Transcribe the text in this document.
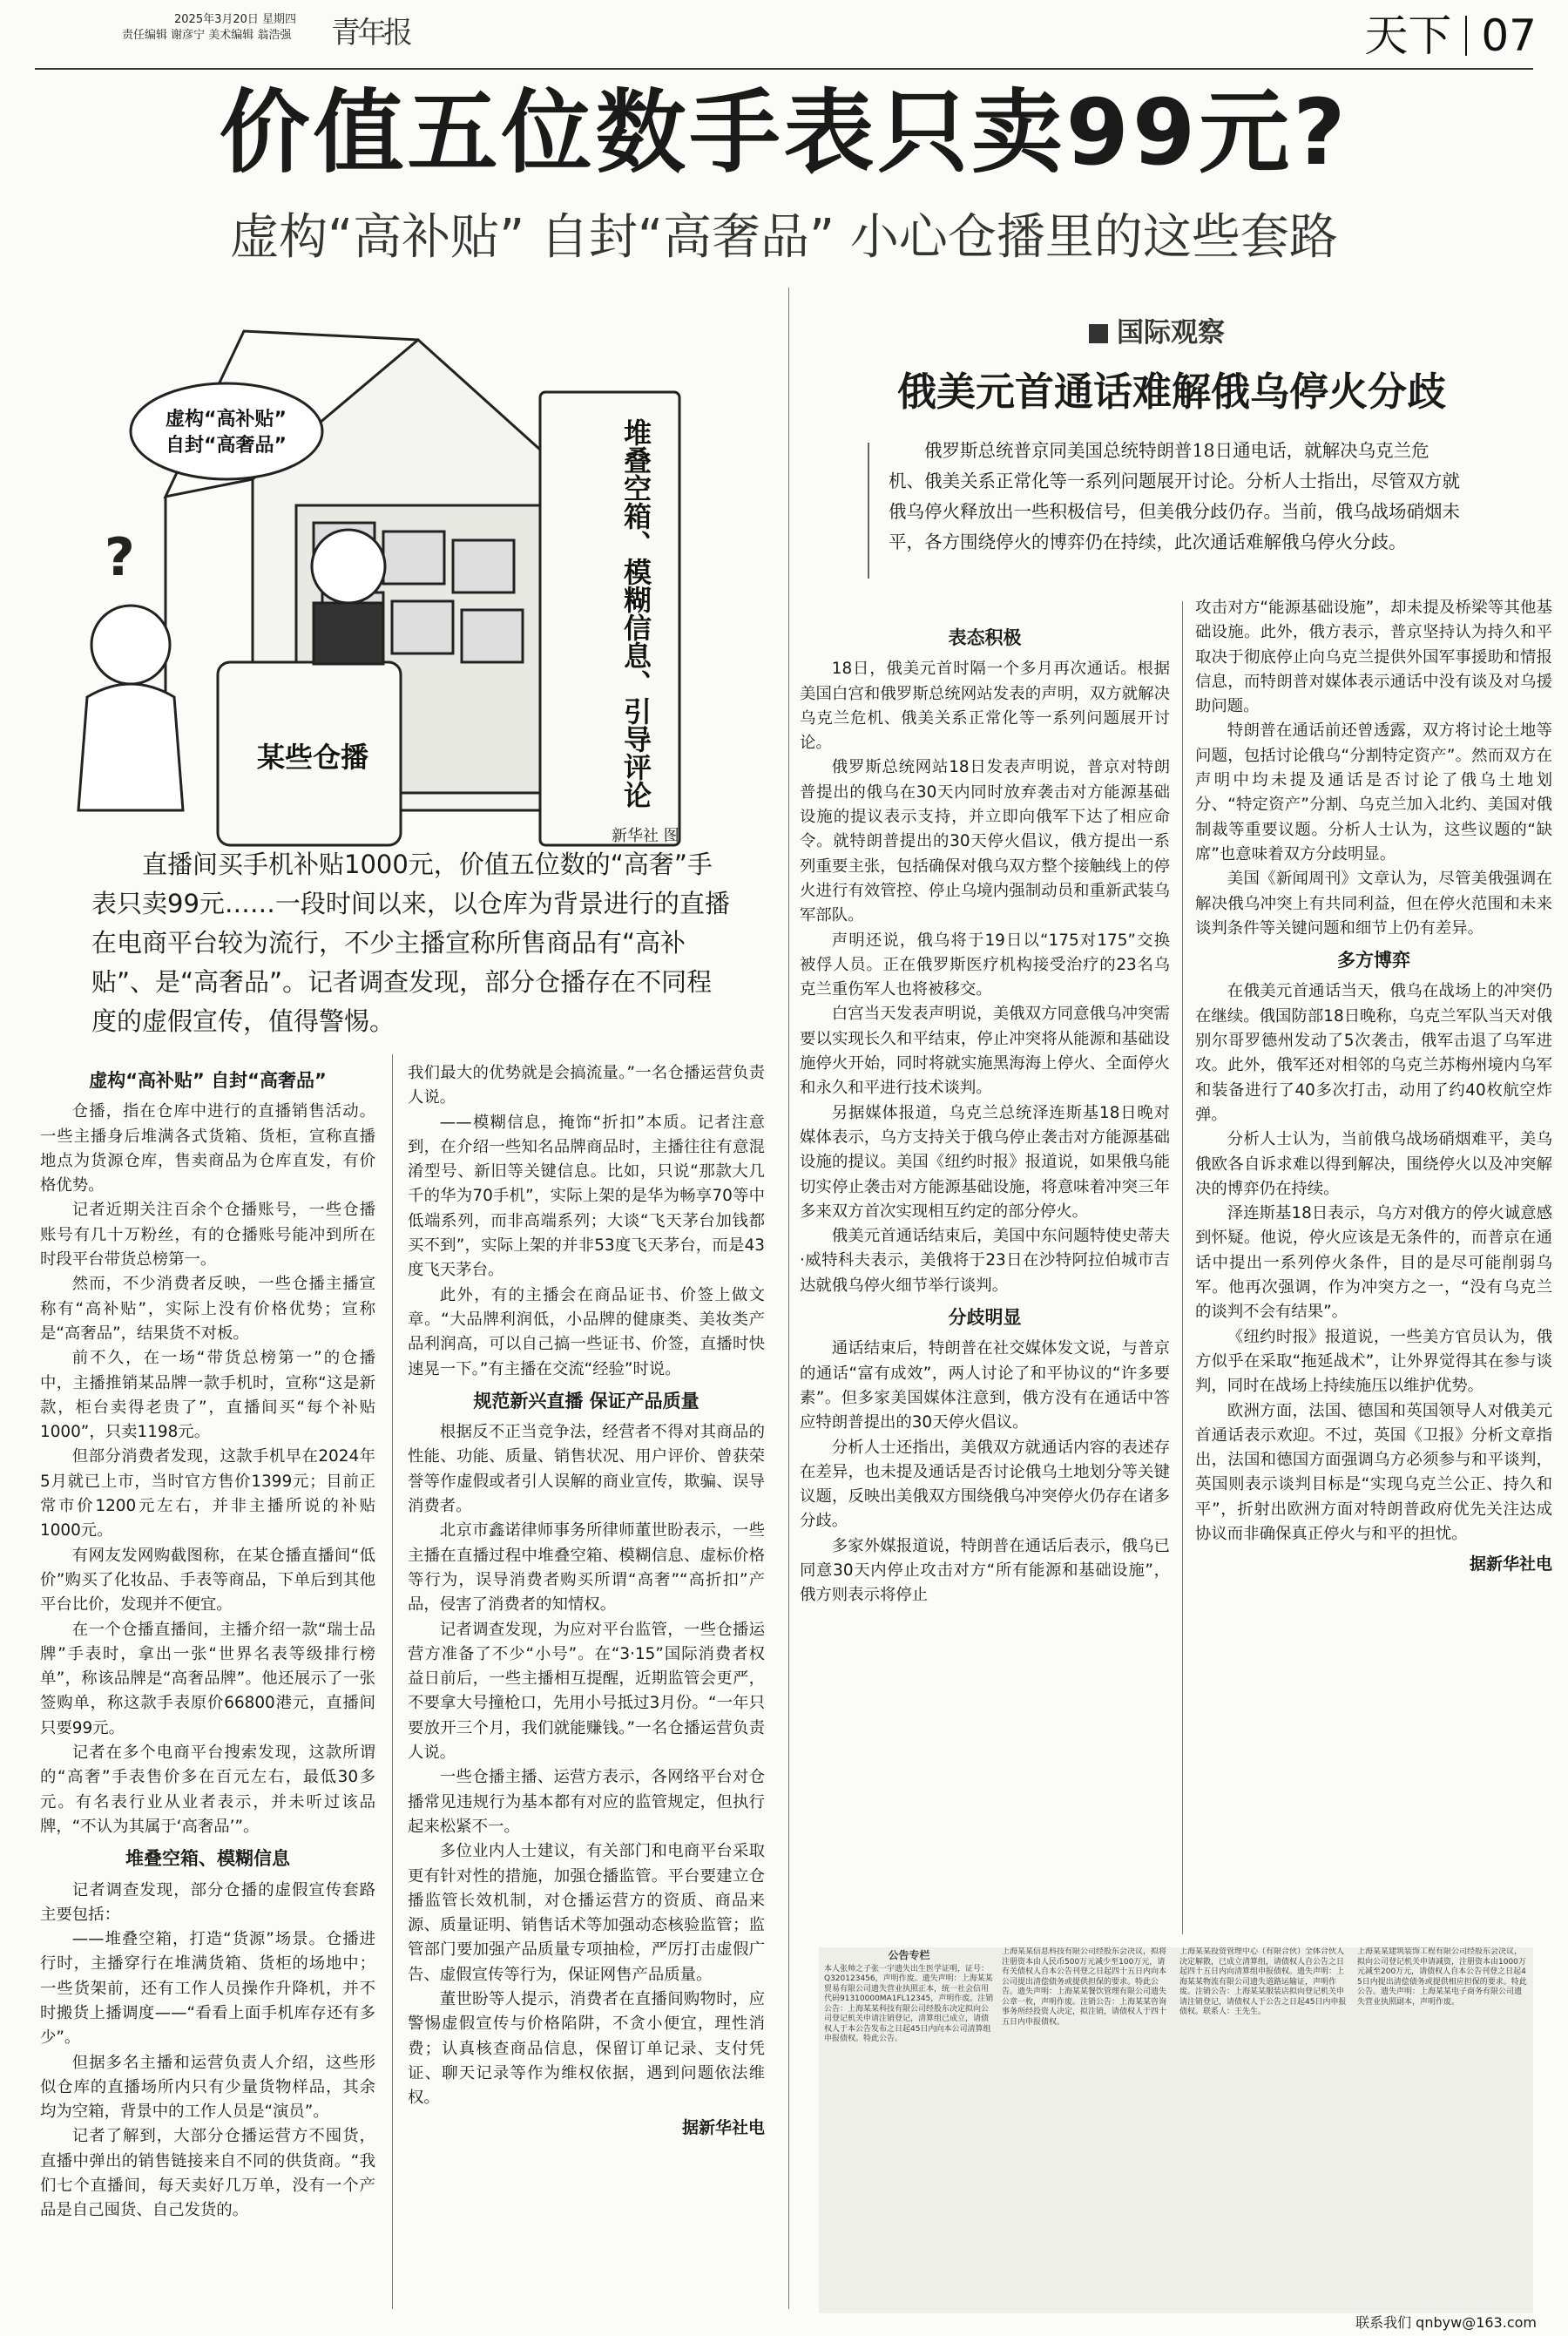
2025年3月20日 星期四
责任编辑 谢彦宁 美术编辑 翁浩强	青年报	天下 07
价值五位数手表只卖99元?
虚构“高补贴” 自封“高奢品” 小心仓播里的这些套路
?
虚构“高补贴”
自封“高奢品”
某些仓播	堆叠空箱、模糊信息、引导评论
新华社 图
直播间买手机补贴1000元，价值五位数的“高奢”手表只卖99元……一段时间以来，以仓库为背景进行的直播在电商平台较为流行，不少主播宣称所售商品有“高补贴”、是“高奢品”。记者调查发现，部分仓播存在不同程度的虚假宣传，值得警惕。
虚构“高补贴” 自封“高奢品”

仓播，指在仓库中进行的直播销售活动。一些主播身后堆满各式货箱、货柜，宣称直播地点为货源仓库，售卖商品为仓库直发，有价格优势。

记者近期关注百余个仓播账号，一些仓播账号有几十万粉丝，有的仓播账号能冲到所在时段平台带货总榜第一。

然而，不少消费者反映，一些仓播主播宣称有“高补贴”，实际上没有价格优势；宣称是“高奢品”，结果货不对板。

前不久，在一场“带货总榜第一”的仓播中，主播推销某品牌一款手机时，宣称“这是新款，柜台卖得老贵了”，直播间买“每个补贴1000”，只卖1198元。

但部分消费者发现，这款手机早在2024年5月就已上市，当时官方售价1399元；目前正常市价1200元左右，并非主播所说的补贴1000元。

有网友发网购截图称，在某仓播直播间“低价”购买了化妆品、手表等商品，下单后到其他平台比价，发现并不便宜。

在一个仓播直播间，主播介绍一款“瑞士品牌”手表时，拿出一张“世界名表等级排行榜单”，称该品牌是“高奢品牌”。他还展示了一张签购单，称这款手表原价66800港元，直播间只要99元。

记者在多个电商平台搜索发现，这款所谓的“高奢”手表售价多在百元左右，最低30多元。有名表行业从业者表示，并未听过该品牌，“不认为其属于‘高奢品’”。

堆叠空箱、模糊信息

记者调查发现，部分仓播的虚假宣传套路主要包括：

——堆叠空箱，打造“货源”场景。仓播进行时，主播穿行在堆满货箱、货柜的场地中；一些货架前，还有工作人员操作升降机，并不时搬货上播调度——“看看上面手机库存还有多少”。

但据多名主播和运营负责人介绍，这些形似仓库的直播场所内只有少量货物样品，其余均为空箱，背景中的工作人员是“演员”。

记者了解到，大部分仓播运营方不囤货，直播中弹出的销售链接来自不同的供货商。“我们七个直播间，每天卖好几万单，没有一个产品是自己囤货、自己发货的。

我们最大的优势就是会搞流量。”一名仓播运营负责人说。

——模糊信息，掩饰“折扣”本质。记者注意到，在介绍一些知名品牌商品时，主播往往有意混淆型号、新旧等关键信息。比如，只说“那款大几千的华为70手机”，实际上架的是华为畅享70等中低端系列，而非高端系列；大谈“飞天茅台加钱都买不到”，实际上架的并非53度飞天茅台，而是43度飞天茅台。

此外，有的主播会在商品证书、价签上做文章。“大品牌利润低，小品牌的健康类、美妆类产品利润高，可以自己搞一些证书、价签，直播时快速晃一下。”有主播在交流“经验”时说。

规范新兴直播 保证产品质量

根据反不正当竞争法，经营者不得对其商品的性能、功能、质量、销售状况、用户评价、曾获荣誉等作虚假或者引人误解的商业宣传，欺骗、误导消费者。

北京市鑫诺律师事务所律师董世盼表示，一些主播在直播过程中堆叠空箱、模糊信息、虚标价格等行为，误导消费者购买所谓“高奢”“高折扣”产品，侵害了消费者的知情权。

记者调查发现，为应对平台监管，一些仓播运营方准备了不少“小号”。在“3·15”国际消费者权益日前后，一些主播相互提醒，近期监管会更严，不要拿大号撞枪口，先用小号抵过3月份。“一年只要放开三个月，我们就能赚钱。”一名仓播运营负责人说。

一些仓播主播、运营方表示，各网络平台对仓播常见违规行为基本都有对应的监管规定，但执行起来松紧不一。

多位业内人士建议，有关部门和电商平台采取更有针对性的措施，加强仓播监管。平台要建立仓播监管长效机制，对仓播运营方的资质、商品来源、质量证明、销售话术等加强动态核验监管；监管部门要加强产品质量专项抽检，严厉打击虚假广告、虚假宣传等行为，保证网售产品质量。

董世盼等人提示，消费者在直播间购物时，应警惕虚假宣传与价格陷阱，不贪小便宜，理性消费；认真核查商品信息，保留订单记录、支付凭证、聊天记录等作为维权依据，遇到问题依法维权。

据新华社电

国际观察
俄美元首通话难解俄乌停火分歧
俄罗斯总统普京同美国总统特朗普18日通电话，就解决乌克兰危机、俄美关系正常化等一系列问题展开讨论。分析人士指出，尽管双方就俄乌停火释放出一些积极信号，但美俄分歧仍存。当前，俄乌战场硝烟未平，各方围绕停火的博弈仍在持续，此次通话难解俄乌停火分歧。
表态积极

18日，俄美元首时隔一个多月再次通话。根据美国白宫和俄罗斯总统网站发表的声明，双方就解决乌克兰危机、俄美关系正常化等一系列问题展开讨论。

俄罗斯总统网站18日发表声明说，普京对特朗普提出的俄乌在30天内同时放弃袭击对方能源基础设施的提议表示支持，并立即向俄军下达了相应命令。就特朗普提出的30天停火倡议，俄方提出一系列重要主张，包括确保对俄乌双方整个接触线上的停火进行有效管控、停止乌境内强制动员和重新武装乌军部队。

声明还说，俄乌将于19日以“175对175”交换被俘人员。正在俄罗斯医疗机构接受治疗的23名乌克兰重伤军人也将被移交。

白宫当天发表声明说，美俄双方同意俄乌冲突需要以实现长久和平结束，停止冲突将从能源和基础设施停火开始，同时将就实施黑海海上停火、全面停火和永久和平进行技术谈判。

另据媒体报道，乌克兰总统泽连斯基18日晚对媒体表示，乌方支持关于俄乌停止袭击对方能源基础设施的提议。美国《纽约时报》报道说，如果俄乌能切实停止袭击对方能源基础设施，将意味着冲突三年多来双方首次实现相互约定的部分停火。

俄美元首通话结束后，美国中东问题特使史蒂夫·威特科夫表示，美俄将于23日在沙特阿拉伯城市吉达就俄乌停火细节举行谈判。

分歧明显

通话结束后，特朗普在社交媒体发文说，与普京的通话“富有成效”，两人讨论了和平协议的“许多要素”。但多家美国媒体注意到，俄方没有在通话中答应特朗普提出的30天停火倡议。

分析人士还指出，美俄双方就通话内容的表述存在差异，也未提及通话是否讨论俄乌土地划分等关键议题，反映出美俄双方围绕俄乌冲突停火仍存在诸多分歧。

多家外媒报道说，特朗普在通话后表示，俄乌已同意30天内停止攻击对方“所有能源和基础设施”，俄方则表示将停止

攻击对方“能源基础设施”，却未提及桥梁等其他基础设施。此外，俄方表示，普京坚持认为持久和平取决于彻底停止向乌克兰提供外国军事援助和情报信息，而特朗普对媒体表示通话中没有谈及对乌援助问题。

特朗普在通话前还曾透露，双方将讨论土地等问题，包括讨论俄乌“分割特定资产”。然而双方在声明中均未提及通话是否讨论了俄乌土地划分、“特定资产”分割、乌克兰加入北约、美国对俄制裁等重要议题。分析人士认为，这些议题的“缺席”也意味着双方分歧明显。

美国《新闻周刊》文章认为，尽管美俄强调在解决俄乌冲突上有共同利益，但在停火范围和未来谈判条件等关键问题和细节上仍有差异。

多方博弈

在俄美元首通话当天，俄乌在战场上的冲突仍在继续。俄国防部18日晚称，乌克兰军队当天对俄别尔哥罗德州发动了5次袭击，俄军击退了乌军进攻。此外，俄军还对相邻的乌克兰苏梅州境内乌军和装备进行了40多次打击，动用了约40枚航空炸弹。

分析人士认为，当前俄乌战场硝烟难平，美乌俄欧各自诉求难以得到解决，围绕停火以及冲突解决的博弈仍在持续。

泽连斯基18日表示，乌方对俄方的停火诚意感到怀疑。他说，停火应该是无条件的，而普京在通话中提出一系列停火条件，目的是尽可能削弱乌军。他再次强调，作为冲突方之一，“没有乌克兰的谈判不会有结果”。

《纽约时报》报道说，一些美方官员认为，俄方似乎在采取“拖延战术”，让外界觉得其在参与谈判，同时在战场上持续施压以维护优势。

欧洲方面，法国、德国和英国领导人对俄美元首通话表示欢迎。不过，英国《卫报》分析文章指出，法国和德国方面强调乌方必须参与和平谈判，英国则表示谈判目标是“实现乌克兰公正、持久和平”，折射出欧洲方面对特朗普政府优先关注达成协议而非确保真正停火与和平的担忧。

据新华社电

公告专栏
本人张帅之子张一宇遗失出生医学证明，证号：Q320123456，声明作废。遗失声明：上海某某贸易有限公司遗失营业执照正本，统一社会信用代码91310000MA1FL12345，声明作废。注销公告：上海某某科技有限公司经股东决定拟向公司登记机关申请注销登记，清算组已成立，请债权人于本公告发布之日起45日内向本公司清算组申报债权。特此公告。
上海某某信息科技有限公司经股东会决议，拟将注册资本由人民币500万元减少至100万元，请有关债权人自本公告刊登之日起四十五日内向本公司提出清偿债务或提供担保的要求。特此公告。遗失声明：上海某某餐饮管理有限公司遗失公章一枚，声明作废。注销公告：上海某某咨询事务所经投资人决定，拟注销，请债权人于四十五日内申报债权。
上海某某投资管理中心（有限合伙）全体合伙人决定解散，已成立清算组，请债权人自公告之日起四十五日内向清算组申报债权。遗失声明：上海某某物流有限公司遗失道路运输证，声明作废。注销公告：上海某某服装店拟向登记机关申请注销登记，请债权人于公告之日起45日内申报债权。联系人：王先生。
上海某某建筑装饰工程有限公司经股东会决议，拟向公司登记机关申请减资，注册资本由1000万元减至200万元，请债权人自本公告刊登之日起45日内提出清偿债务或提供相应担保的要求。特此公告。遗失声明：上海某某电子商务有限公司遗失营业执照副本，声明作废。
联系我们 qnbyw@163.com
